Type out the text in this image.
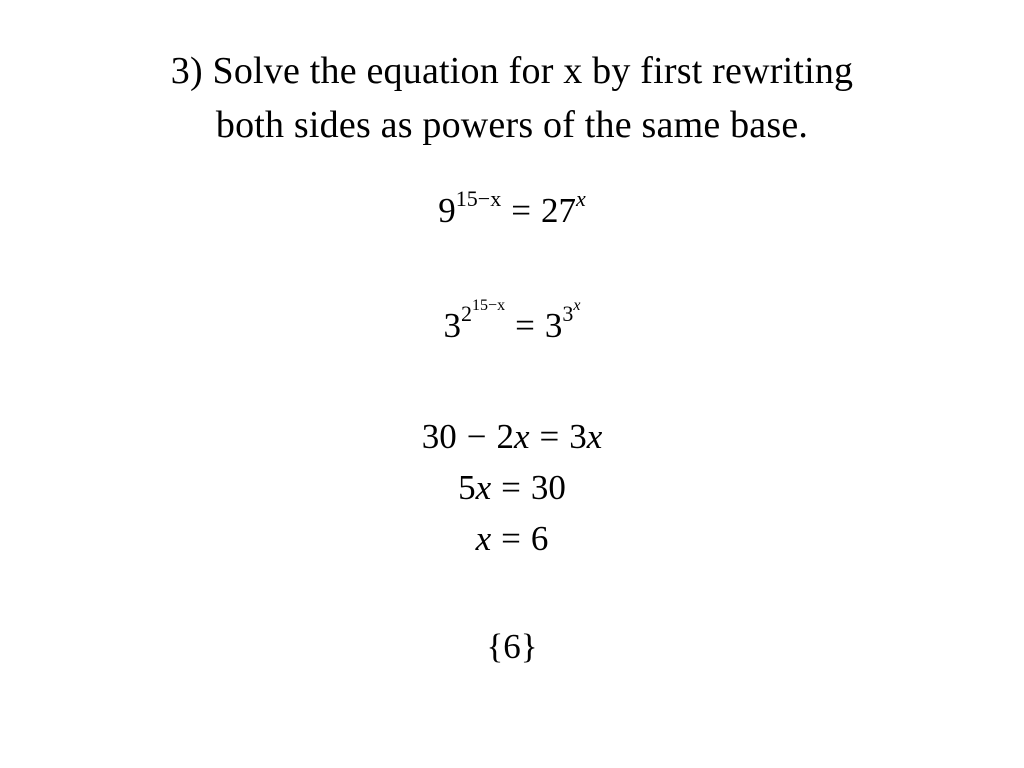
3) Solve the equation for x by first rewriting
both sides as powers of the same base.
$9^{15-x} = 27^x$
$3^{2^{15-x}}= 3^{3^x}$
30 − 2x = 3x
5x = 30
x = 6
{6}
